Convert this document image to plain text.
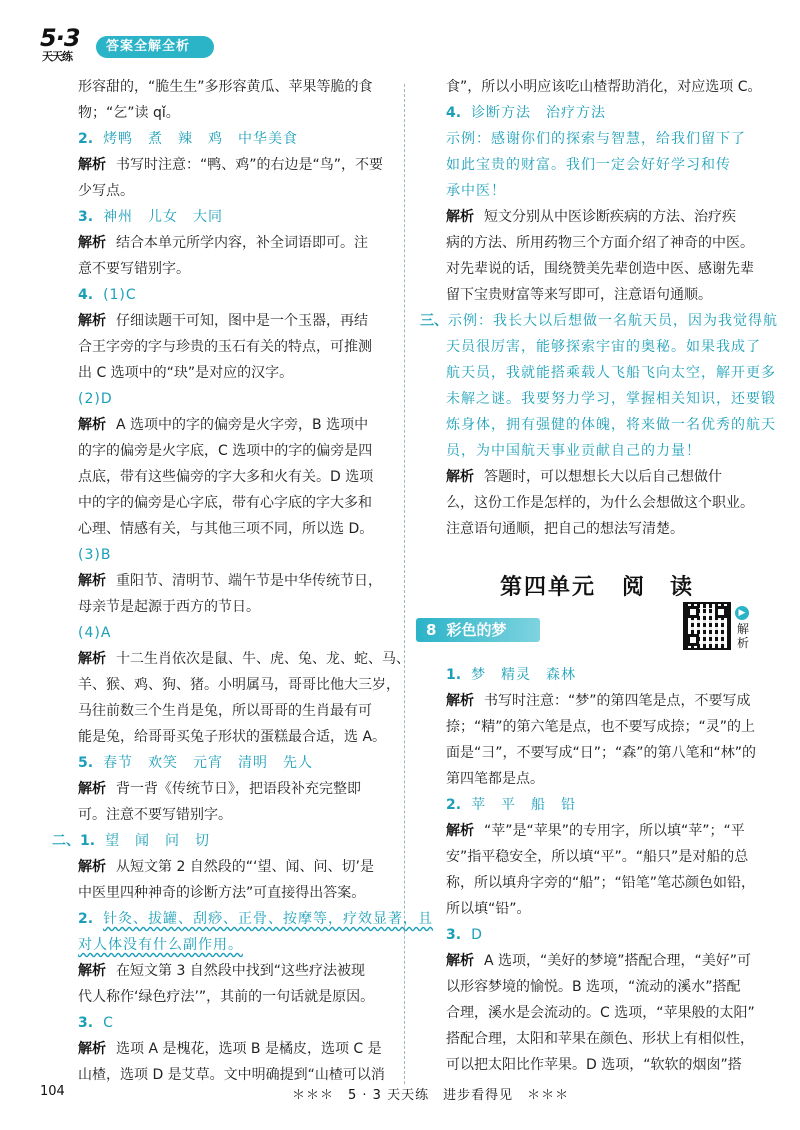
5·3
天天练
答案全解全析
形容甜的，“脆生生”多形容黄瓜、苹果等脆的食
物；“乞”读 qǐ。
2. 烤鸭　煮　辣　鸡　中华美食
解析 书写时注意：“鸭、鸡”的右边是“鸟”，不要
少写点。
3. 神州　儿女　大同
解析 结合本单元所学内容，补全词语即可。注
意不要写错别字。
4. (1)C
解析 仔细读题干可知，图中是一个玉器，再结
合王字旁的字与珍贵的玉石有关的特点，可推测
出 C 选项中的“玦”是对应的汉字。
(2)D
解析 A 选项中的字的偏旁是火字旁，B 选项中
的字的偏旁是火字底，C 选项中的字的偏旁是四
点底，带有这些偏旁的字大多和火有关。D 选项
中的字的偏旁是心字底，带有心字底的字大多和
心理、情感有关，与其他三项不同，所以选 D。
(3)B
解析 重阳节、清明节、端午节是中华传统节日，
母亲节是起源于西方的节日。
(4)A
解析 十二生肖依次是鼠、牛、虎、兔、龙、蛇、马、
羊、猴、鸡、狗、猪。小明属马，哥哥比他大三岁，
马往前数三个生肖是兔，所以哥哥的生肖最有可
能是兔，给哥哥买兔子形状的蛋糕最合适，选 A。
5. 春节　欢笑　元宵　清明　先人
解析 背一背《传统节日》，把语段补充完整即
可。注意不要写错别字。
二、1. 望　闻　问　切
解析 从短文第 2 自然段的“‘望、闻、问、切’是
中医里四种神奇的诊断方法”可直接得出答案。
2. 针灸、拔罐、刮痧、正骨、按摩等，疗效显著，且
对人体没有什么副作用。
解析 在短文第 3 自然段中找到“这些疗法被现
代人称作‘绿色疗法’”，其前的一句话就是原因。
3. C
解析 选项 A 是槐花，选项 B 是橘皮，选项 C 是
山楂，选项 D 是艾草。文中明确提到“山楂可以消
食”，所以小明应该吃山楂帮助消化，对应选项 C。
4. 诊断方法　治疗方法
示例：感谢你们的探索与智慧，给我们留下了
如此宝贵的财富。我们一定会好好学习和传
承中医！
解析 短文分别从中医诊断疾病的方法、治疗疾
病的方法、所用药物三个方面介绍了神奇的中医。
对先辈说的话，围绕赞美先辈创造中医、感谢先辈
留下宝贵财富等来写即可，注意语句通顺。
三、示例：我长大以后想做一名航天员，因为我觉得航
天员很厉害，能够探索宇宙的奥秘。如果我成了
航天员，我就能搭乘载人飞船飞向太空，解开更多
未解之谜。我要努力学习，掌握相关知识，还要锻
炼身体，拥有强健的体魄，将来做一名优秀的航天
员，为中国航天事业贡献自己的力量！
解析 答题时，可以想想长大以后自己想做什
么，这份工作是怎样的，为什么会想做这个职业。
注意语句通顺，把自己的想法写清楚。
第四单元 阅　读
8 彩色的梦
▶
解析
1. 梦　精灵　森林
解析 书写时注意：“梦”的第四笔是点，不要写成
捺；“精”的第六笔是点，也不要写成捺；“灵”的上
面是“彐”，不要写成“日”；“森”的第八笔和“林”的
第四笔都是点。
2. 苹　平　船　铅
解析 “苹”是“苹果”的专用字，所以填“苹”；“平
安”指平稳安全，所以填“平”。“船只”是对船的总
称，所以填舟字旁的“船”；“铅笔”笔芯颜色如铅，
所以填“铅”。
3. D
解析 A 选项，“美好的梦境”搭配合理，“美好”可
以形容梦境的愉悦。B 选项，“流动的溪水”搭配
合理，溪水是会流动的。C 选项，“苹果般的太阳”
搭配合理，太阳和苹果在颜色、形状上有相似性，
可以把太阳比作苹果。D 选项，“软软的烟囱”搭
104	＊＊＊　5 · 3 天天练　进步看得见　＊＊＊
